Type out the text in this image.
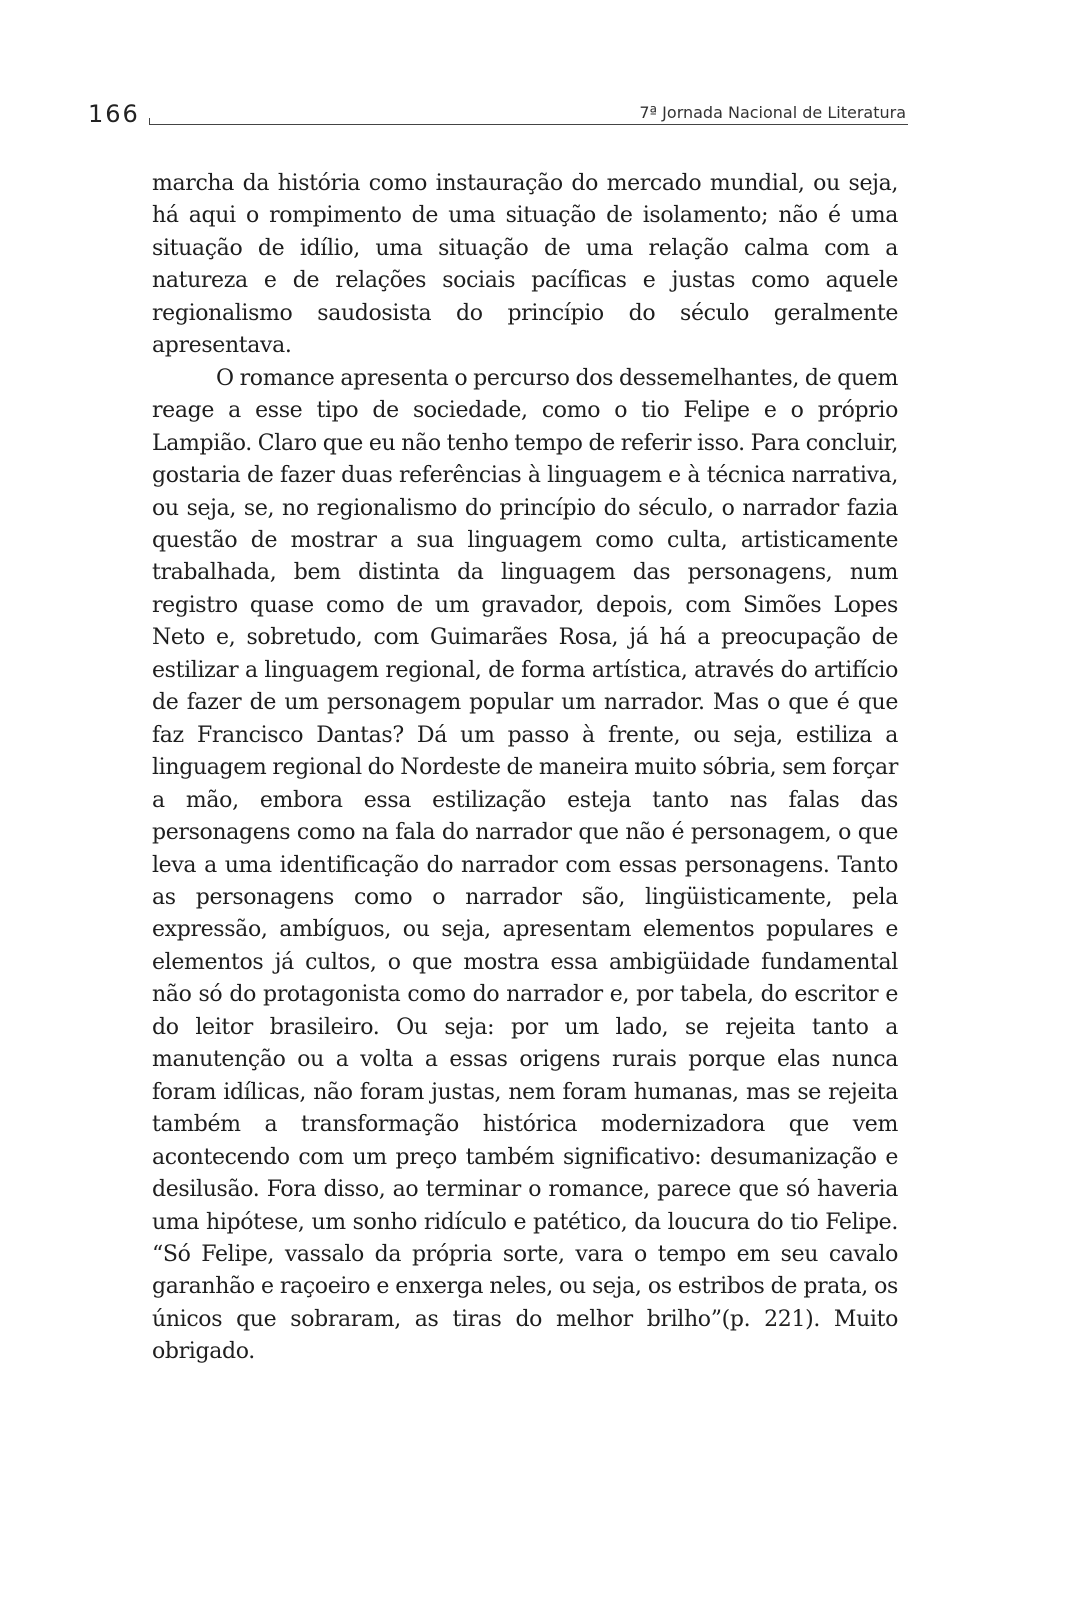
166	7ª Jornada Nacional de Literatura

marcha da história como instauração do mercado mundial, ou seja, há aqui o rompimento de uma situação de isolamento; não é uma situação de idílio, uma situação de uma relação calma com a natureza e de relações sociais pacíficas e justas como aquele regionalismo saudosista do princípio do século geralmente apresentava.

O romance apresenta o percurso dos dessemelhantes, de quem reage a esse tipo de sociedade, como o tio Felipe e o próprio Lampião. Claro que eu não tenho tempo de referir isso. Para concluir, gostaria de fazer duas referências à linguagem e à técnica narrativa, ou seja, se, no regionalismo do princípio do século, o narrador fazia questão de mostrar a sua linguagem como culta, artisticamente trabalhada, bem distinta da linguagem das personagens, num registro quase como de um gravador, depois, com Simões Lopes Neto e, sobretudo, com Guimarães Rosa, já há a preocupação de estilizar a linguagem regional, de forma artística, através do artifício de fazer de um personagem popular um narrador. Mas o que é que faz Francisco Dantas? Dá um passo à frente, ou seja, estiliza a linguagem regional do Nordeste de maneira muito sóbria, sem forçar a mão, embora essa estilização esteja tanto nas falas das personagens como na fala do narrador que não é personagem, o que leva a uma identificação do narrador com essas personagens. Tanto as personagens como o narrador são, lingüisticamente, pela expressão, ambíguos, ou seja, apresentam elementos populares e elementos já cultos, o que mostra essa ambigüidade fundamental não só do protagonista como do narrador e, por tabela, do escritor e do leitor brasileiro. Ou seja: por um lado, se rejeita tanto a manutenção ou a volta a essas origens rurais porque elas nunca foram idílicas, não foram justas, nem foram humanas, mas se rejeita também a transformação histórica modernizadora que vem acontecendo com um preço também significativo: desumanização e desilusão. Fora disso, ao terminar o romance, parece que só haveria uma hipótese, um sonho ridículo e patético, da loucura do tio Felipe. “Só Felipe, vassalo da própria sorte, vara o tempo em seu cavalo garanhão e raçoeiro e enxerga neles, ou seja, os estribos de prata, os únicos que sobraram, as tiras do melhor brilho”(p. 221). Muito obrigado.
